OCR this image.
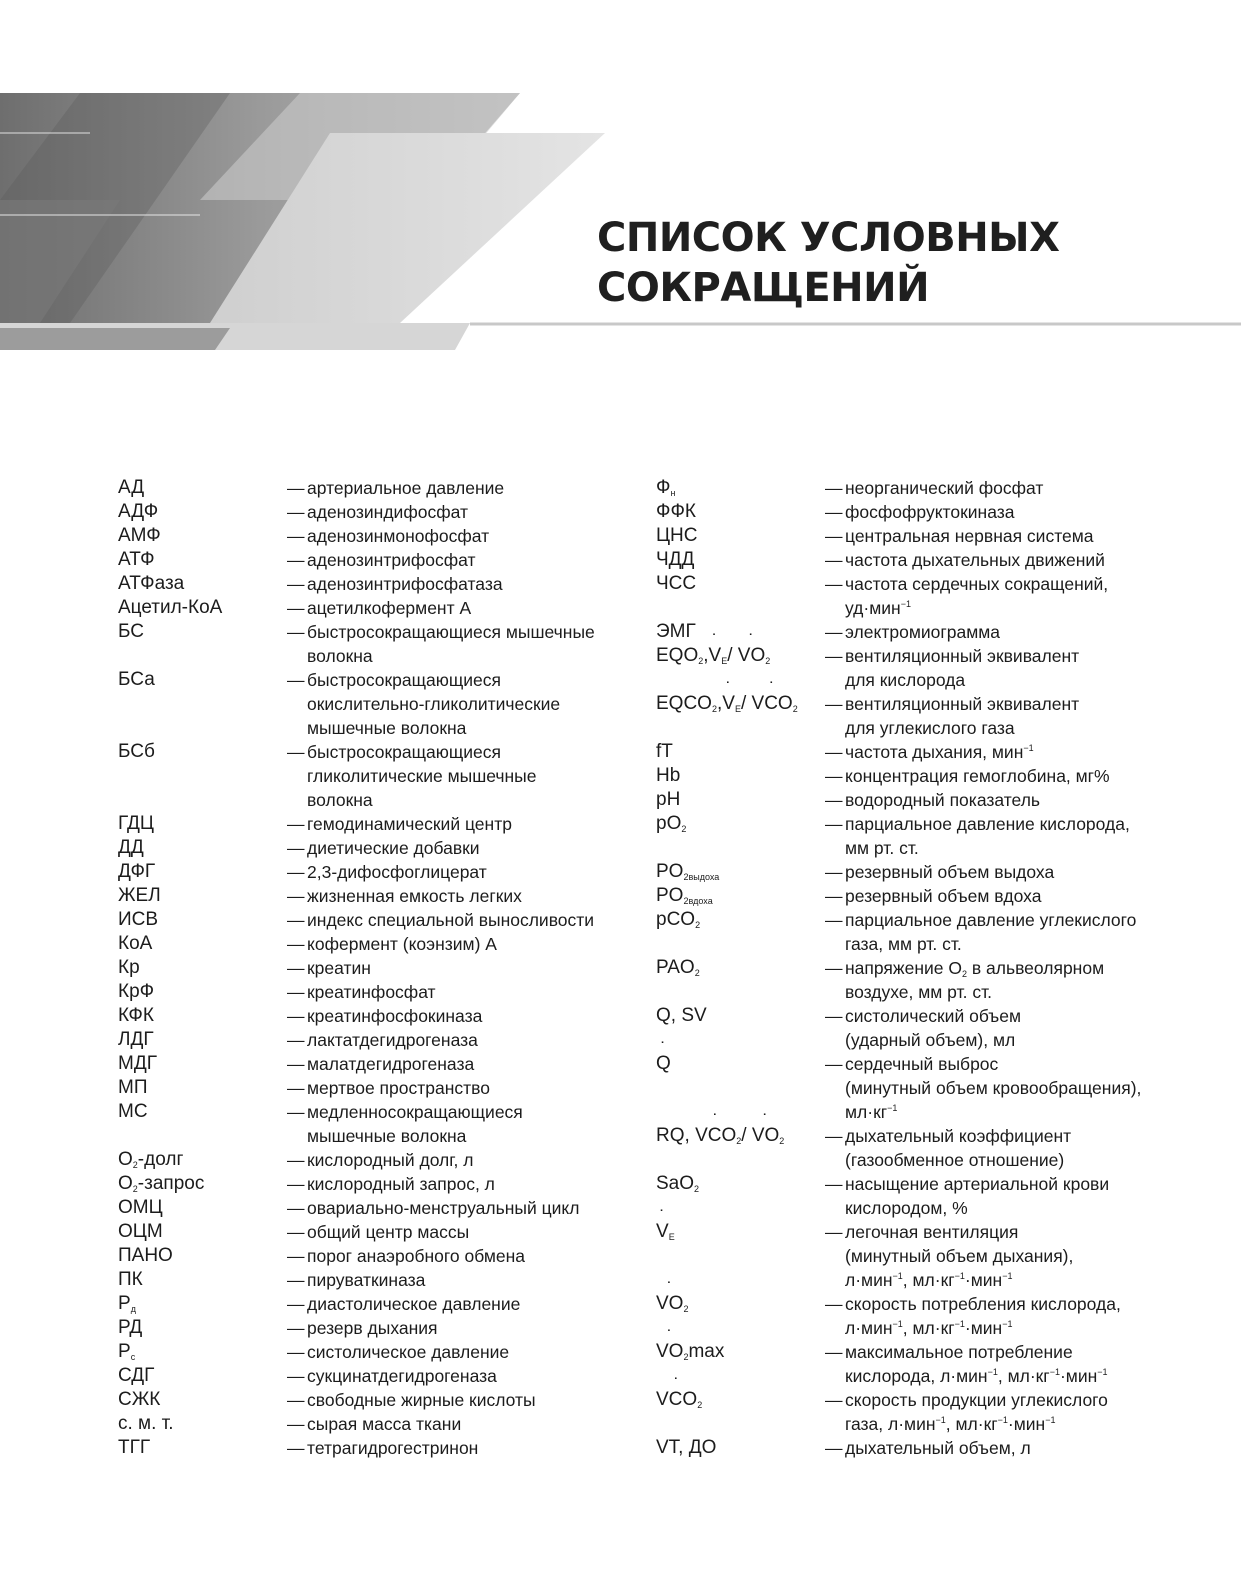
СПИСОК УСЛОВНЫХ
СОКРАЩЕНИЙ
АД	— артериальное давление
АДФ	— аденозиндифосфат
АМФ	— аденозинмонофосфат
АТФ	— аденозинтрифосфат
АТФаза	— аденозинтрифосфатаза
Ацетил-КоА	— ацетилкофермент А
БС	— быстросокращающиеся мышечные
волокна
БСа	— быстросокращающиеся
окислительно-гликолитические
мышечные волокна
БСб	— быстросокращающиеся
гликолитические мышечные
волокна
ГДЦ	— гемодинамический центр
ДД	— диетические добавки
ДФГ	— 2,3-дифосфоглицерат
ЖЕЛ	— жизненная емкость легких
ИСВ	— индекс специальной выносливости
КоА	— кофермент (коэнзим) А
Кр	— креатин
КрФ	— креатинфосфат
КФК	— креатинфосфокиназа
ЛДГ	— лактатдегидрогеназа
МДГ	— малатдегидрогеназа
МП	— мертвое пространство
МС	— медленносокращающиеся
мышечные волокна
$О_2$-долг	— кислородный долг, л
$О_2$-запрос	— кислородный запрос, л
ОМЦ	— овариально-менструальный цикл
ОЦМ	— общий центр массы
ПАНО	— порог анаэробного обмена
ПК	— пируваткиназа
$Р_д$	— диастолическое давление
РД	— резерв дыхания
$Р_с$	— систолическое давление
СДГ	— сукцинатдегидрогеназа
СЖК	— свободные жирные кислоты
с. м. т.	— сырая масса ткани
ТГГ	— тетрагидрогестринон
$Ф_н$	— неорганический фосфат
ФФК	— фосфофруктокиназа
ЦНС	— центральная нервная система
ЧДД	— частота дыхательных движений
ЧСС	— частота сердечных сокращений,
уд·мин$^{-1}$
ЭМГ	— электромиограмма
$EQO_2,˙$ $V_E/$ ˙ $VO_2$	— вентиляционный эквивалент
для кислорода
$EQCO_2,˙$ $V_E/$ ˙ $VCO_2$	— вентиляционный эквивалент
для углекислого газа
fT	— частота дыхания, мин$^{-1}$
Hb	— концентрация гемоглобина, мг%
pH	— водородный показатель
$pO_2$	— парциальное давление кислорода,
мм рт. ст.
$PO_{2выдоха}$	— резервный объем выдоха
$PO_{2вдоха}$	— резервный объем вдоха
pCO$_2$	— парциальное давление углекислого
газа, мм рт. ст.
$PAO_2$	— напряжение $О_2$ в альвеолярном
воздухе, мм рт. ст.
Q, SV	— систолический объем
(ударный объем), мл
˙ Q	— сердечный выброс
(минутный объем кровообращения),
$мл\cdot кг^{-1}$
RQ, ˙ $VCO_2/$ ˙ $VO_2$	— дыхательный коэффициент
(газообменное отношение)
SaO$_2$	— насыщение артериальной крови
кислородом, %
˙ $V_E$	— легочная вентиляция
(минутный объем дыхания),
л·мин$^{-1}$, $мл\cdot кг^{-1}\cdot мин^{-1}$
˙ $VO_2$	— скорость потребления кислорода,
л·мин$^{-1}$, $мл\cdot кг^{-1}\cdot мин^{-1}$
˙ $VO_2\max$	— максимальное потребление
кислорода, л·мин$^{-1}$, $мл\cdot кг^{-1}\cdot мин^{-1}$
˙ $VCO_2$	— скорость продукции углекислого
газа, л·мин$^{-1}$, $мл\cdot кг^{-1}\cdot мин^{-1}$
VT, ДО	— дыхательный объем, л
